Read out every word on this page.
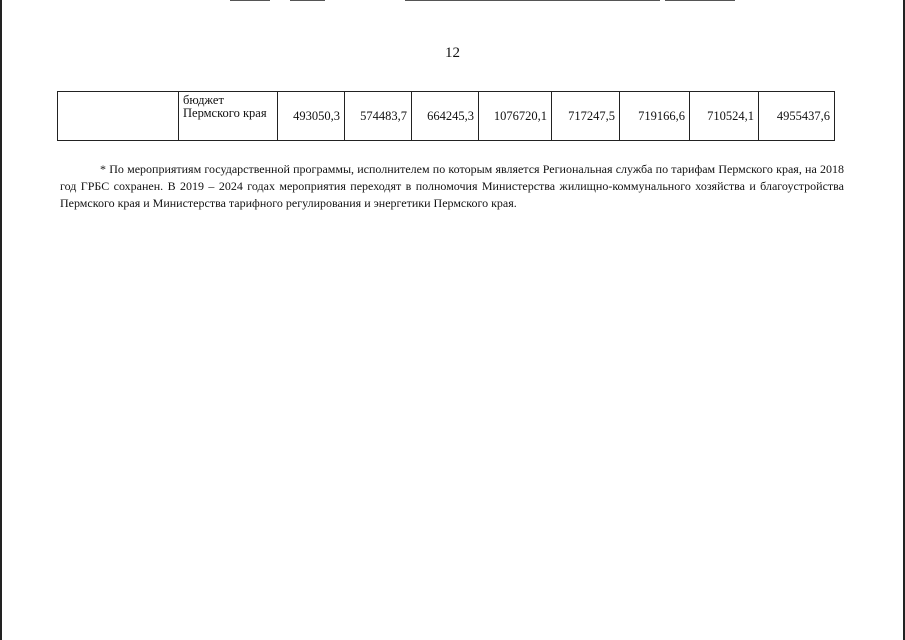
12

бюджет
Пермского края	493050,3	574483,7	664245,3	1076720,1	717247,5	719166,6	710524,1	4955437,6
* По мероприятиям государственной программы, исполнителем по которым является Региональная служба по тарифам Пермского края, на 2018 год ГРБС сохранен. В 2019 – 2024 годах мероприятия переходят в полномочия Министерства жилищно-коммунального хозяйства и благоустройства Пермского края и Министерства тарифного регулирования и энергетики Пермского края.
